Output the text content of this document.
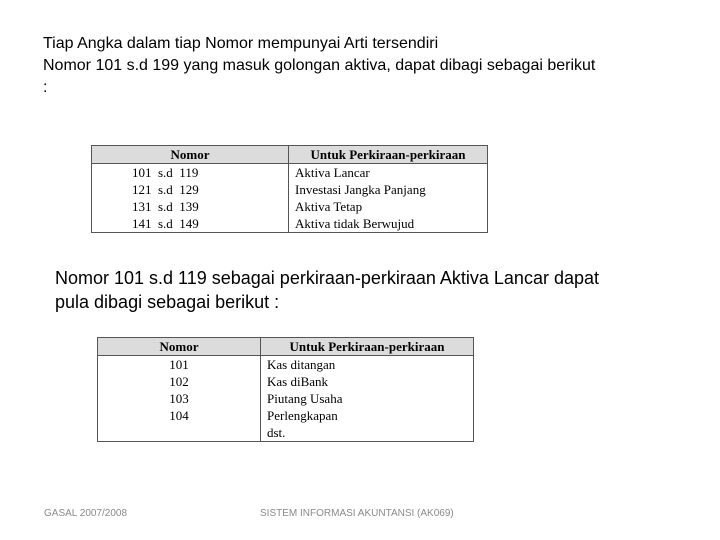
Tiap Angka dalam tiap Nomor mempunyai Arti tersendiri

Nomor 101 s.d 199 yang masuk golongan aktiva, dapat dibagi sebagai berikut

:

Nomor	Untuk Perkiraan-perkiraan
101  s.d  119	Aktiva Lancar
121  s.d  129	Investasi Jangka Panjang
131  s.d  139	Aktiva Tetap
141  s.d  149	Aktiva tidak Berwujud

Nomor 101 s.d 119 sebagai perkiraan-perkiraan Aktiva Lancar dapat

pula dibagi sebagai berikut :

Nomor	Untuk Perkiraan-perkiraan
101	Kas ditangan
102	Kas diBank
103	Piutang Usaha
104	Perlengkapan
	dst.
GASAL 2007/2008	SISTEM INFORMASI AKUNTANSI (AK069)
